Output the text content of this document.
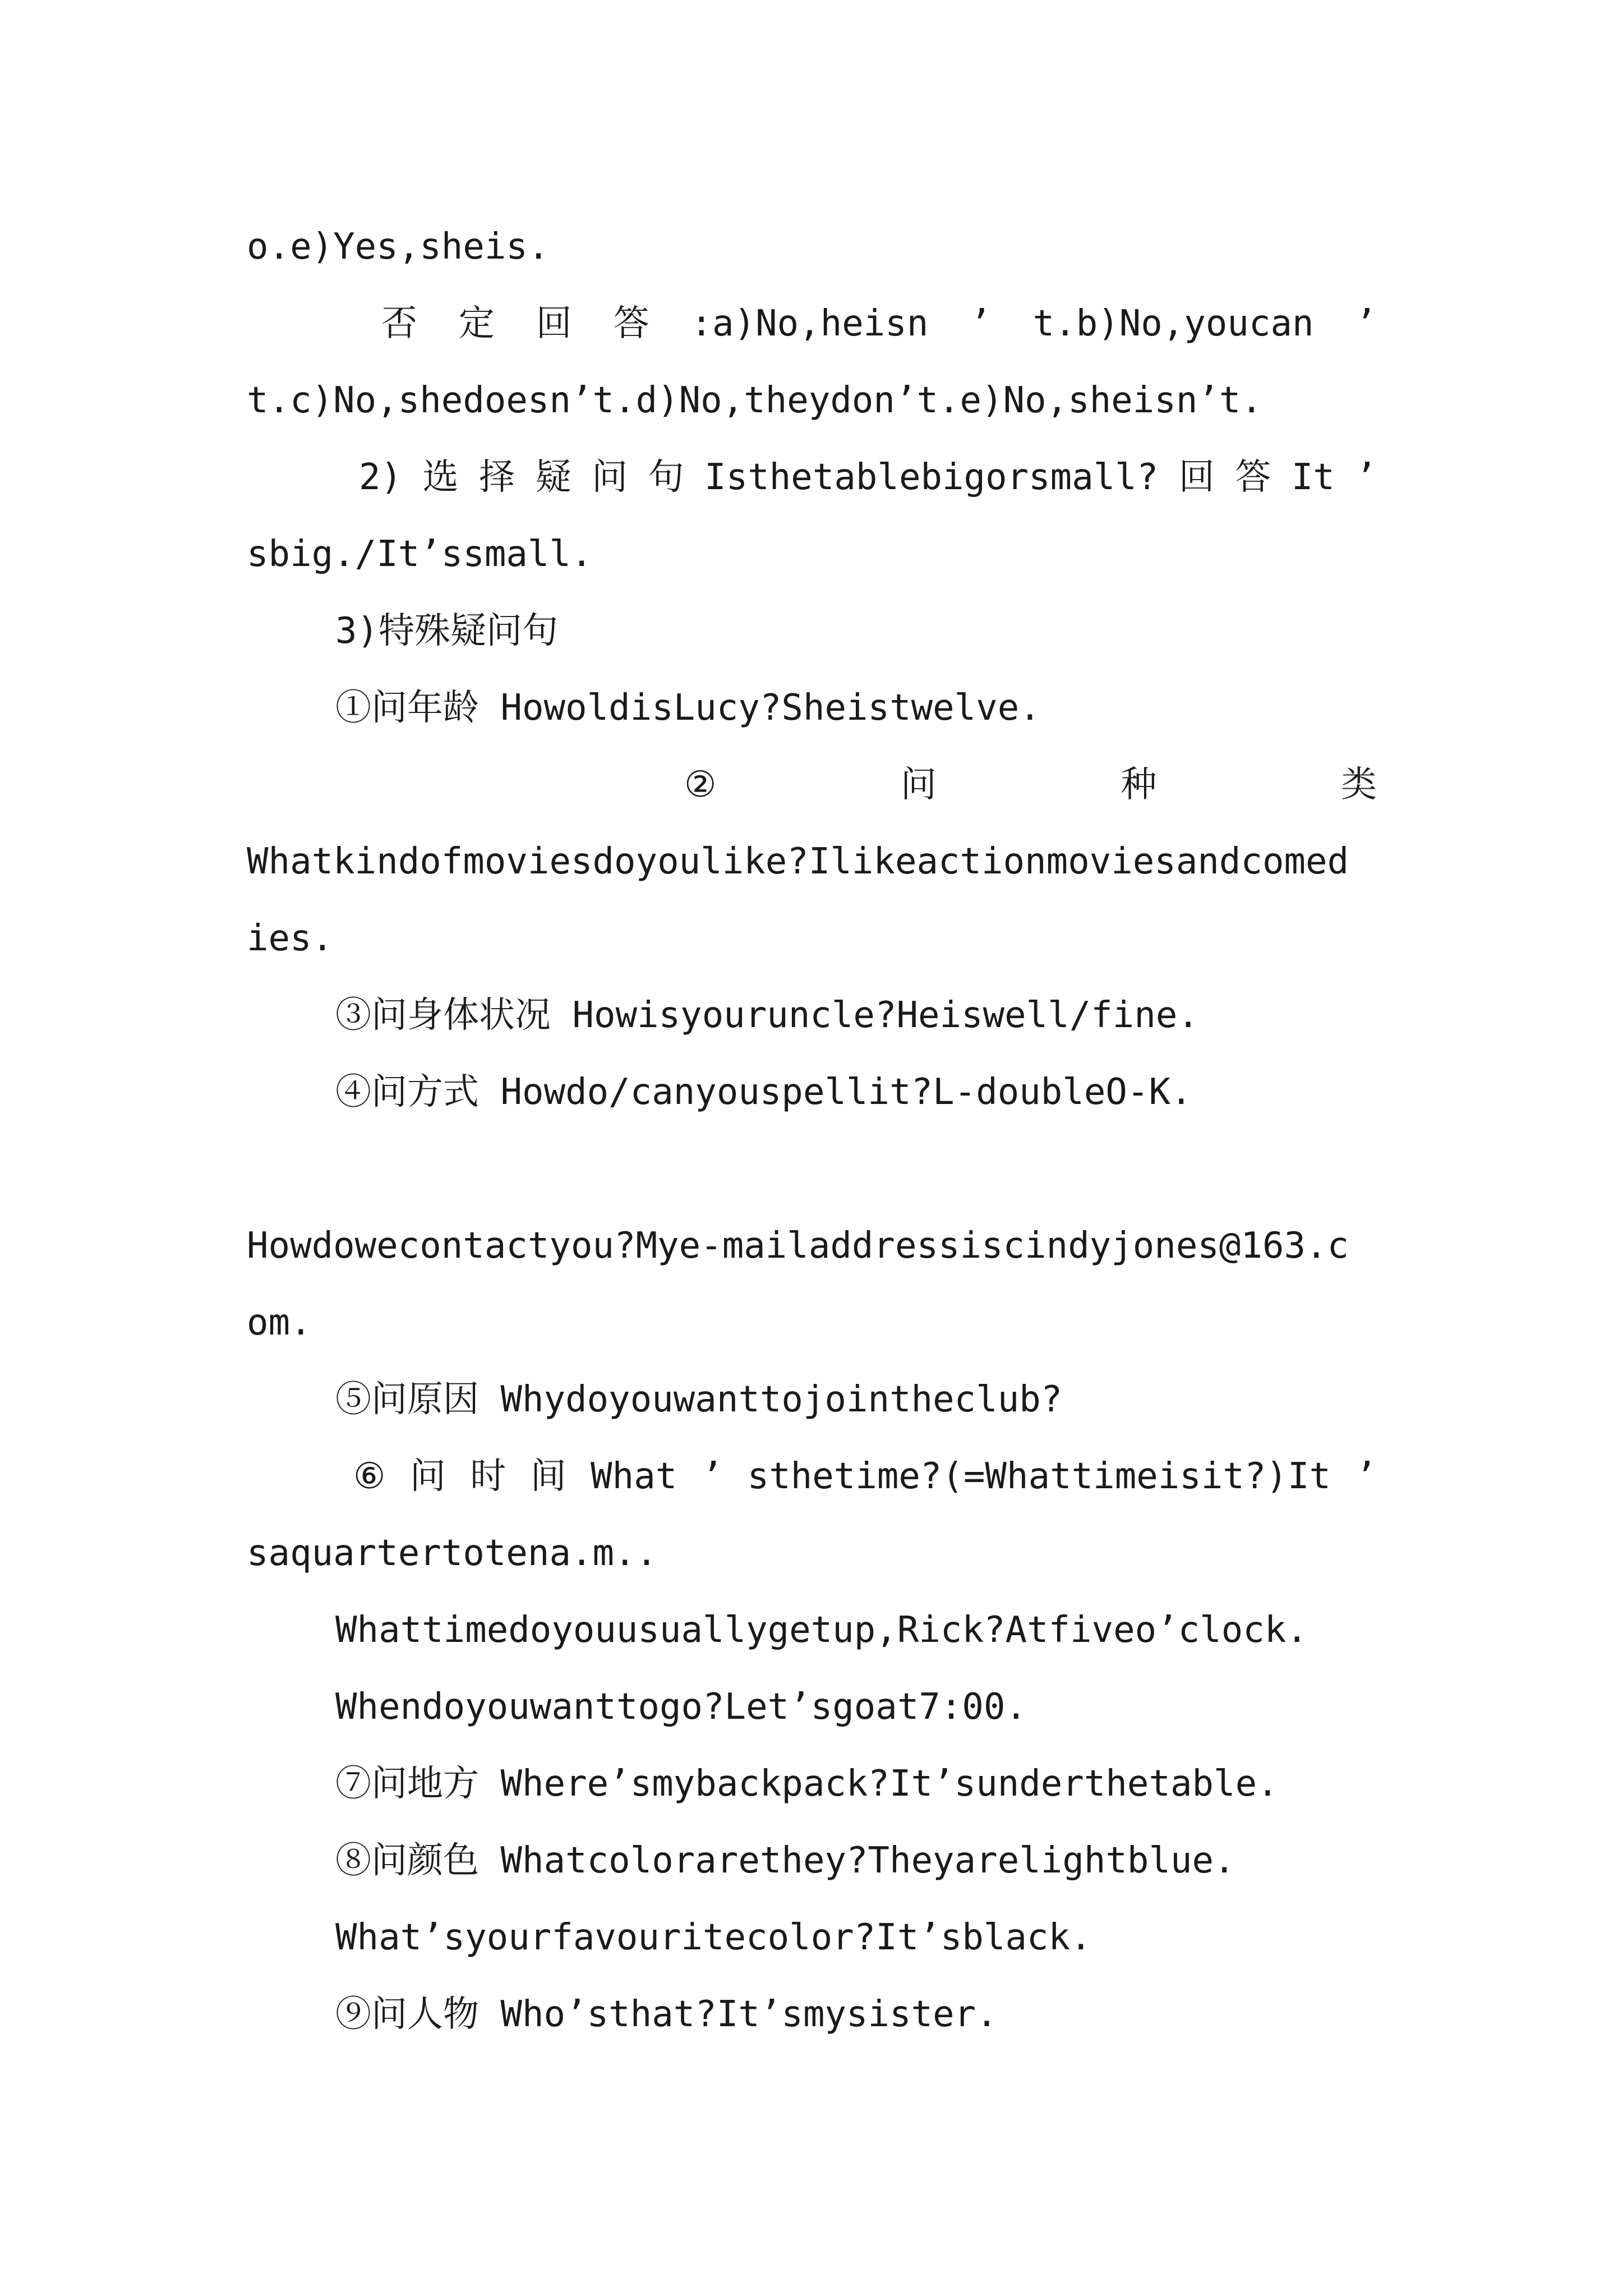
o.e)Yes,sheis.
否 定 回 答 :a)No,heisn ’ t.b)No,youcan ’
t.c)No,shedoesn’t.d)No,theydon’t.e)No,sheisn’t.
2) 选 择 疑 问 句 Isthetablebigorsmall? 回 答 It ’
sbig./It’ssmall.
3)特殊疑问句
①问年龄 HowoldisLucy?Sheistwelve.
②	问	种	类
Whatkindofmoviesdoyoulike?Ilikeactionmoviesandcomed
ies.
③问身体状况 Howisyouruncle?Heiswell/fine.
④问方式 Howdo/canyouspellit?L-doubleO-K.
Howdowecontactyou?Mye-mailaddressiscindyjones@163.c
om.
⑤问原因 Whydoyouwanttojointheclub?
⑥ 问 时 间 What ’ sthetime?(=Whattimeisit?)It ’
saquartertotena.m..
Whattimedoyouusuallygetup,Rick?Atfiveo’clock.
Whendoyouwanttogo?Let’sgoat7:00.
⑦问地方 Where’smybackpack?It’sunderthetable.
⑧问颜色 Whatcolorarethey?Theyarelightblue.
What’syourfavouritecolor?It’sblack.
⑨问人物 Who’sthat?It’smysister.
